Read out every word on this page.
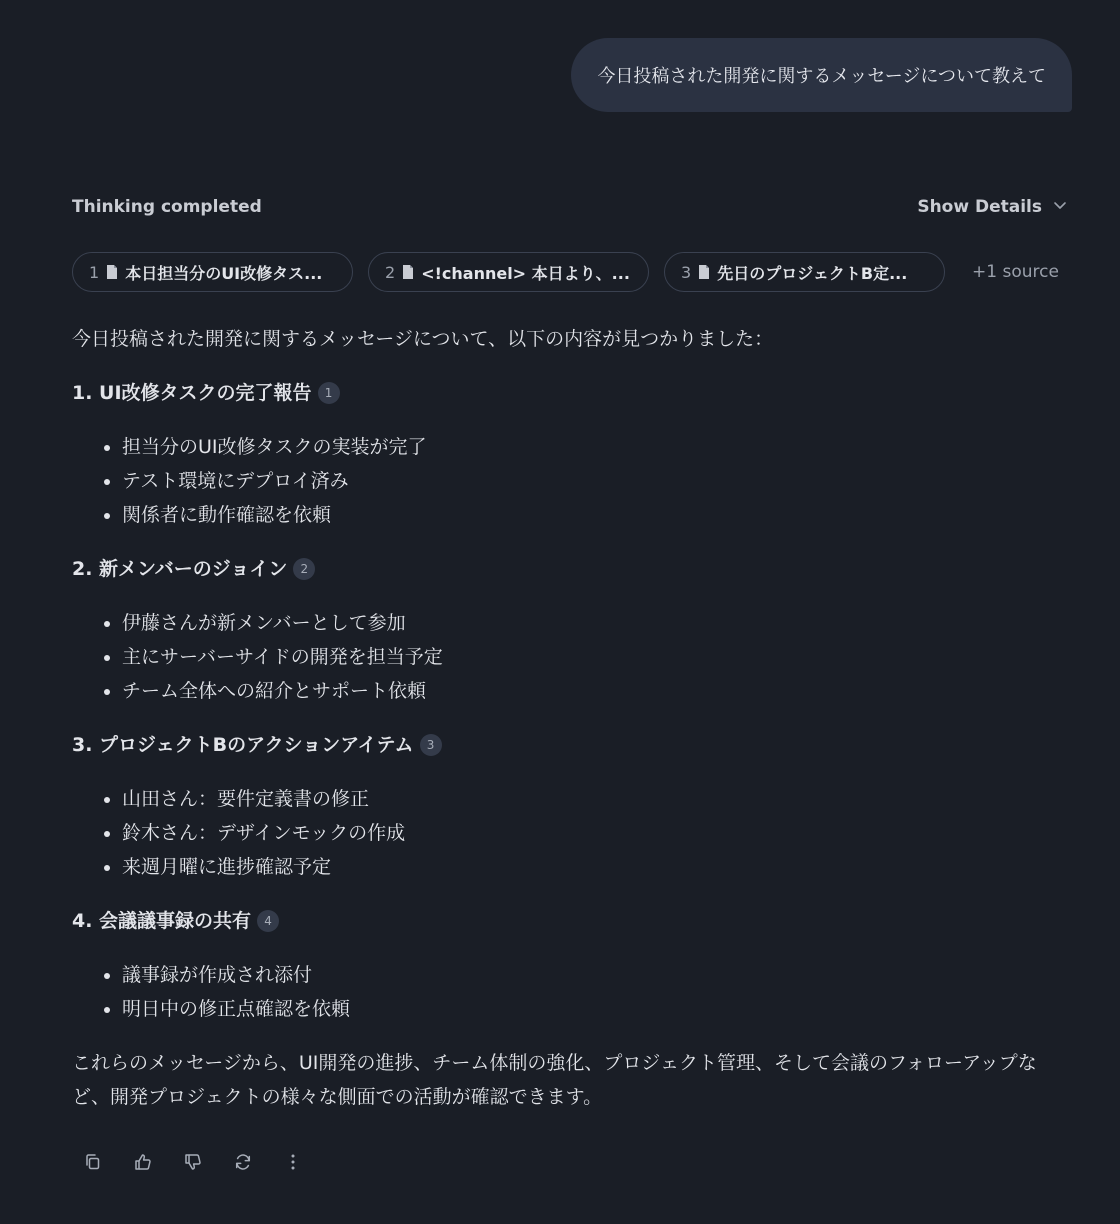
今日投稿された開発に関するメッセージについて教えて
Thinking completed	Show Details
1 本日担当分のUI改修タス...	2 <!channel> 本日より、...	3 先日のプロジェクトB定...	+1 source

今日投稿された開発に関するメッセージについて、以下の内容が見つかりました：

1. UI改修タスクの完了報告	1
• 担当分のUI改修タスクの実装が完了
• テスト環境にデプロイ済み
• 関係者に動作確認を依頼
2. 新メンバーのジョイン	2
• 伊藤さんが新メンバーとして参加
• 主にサーバーサイドの開発を担当予定
• チーム全体への紹介とサポート依頼
3. プロジェクトBのアクションアイテム	3
• 山田さん：要件定義書の修正
• 鈴木さん：デザインモックの作成
• 来週月曜に進捗確認予定
4. 会議議事録の共有	4
• 議事録が作成され添付
• 明日中の修正点確認を依頼

これらのメッセージから、UI開発の進捗、チーム体制の強化、プロジェクト管理、そして会議のフォローアップなど、開発プロジェクトの様々な側面での活動が確認できます。
